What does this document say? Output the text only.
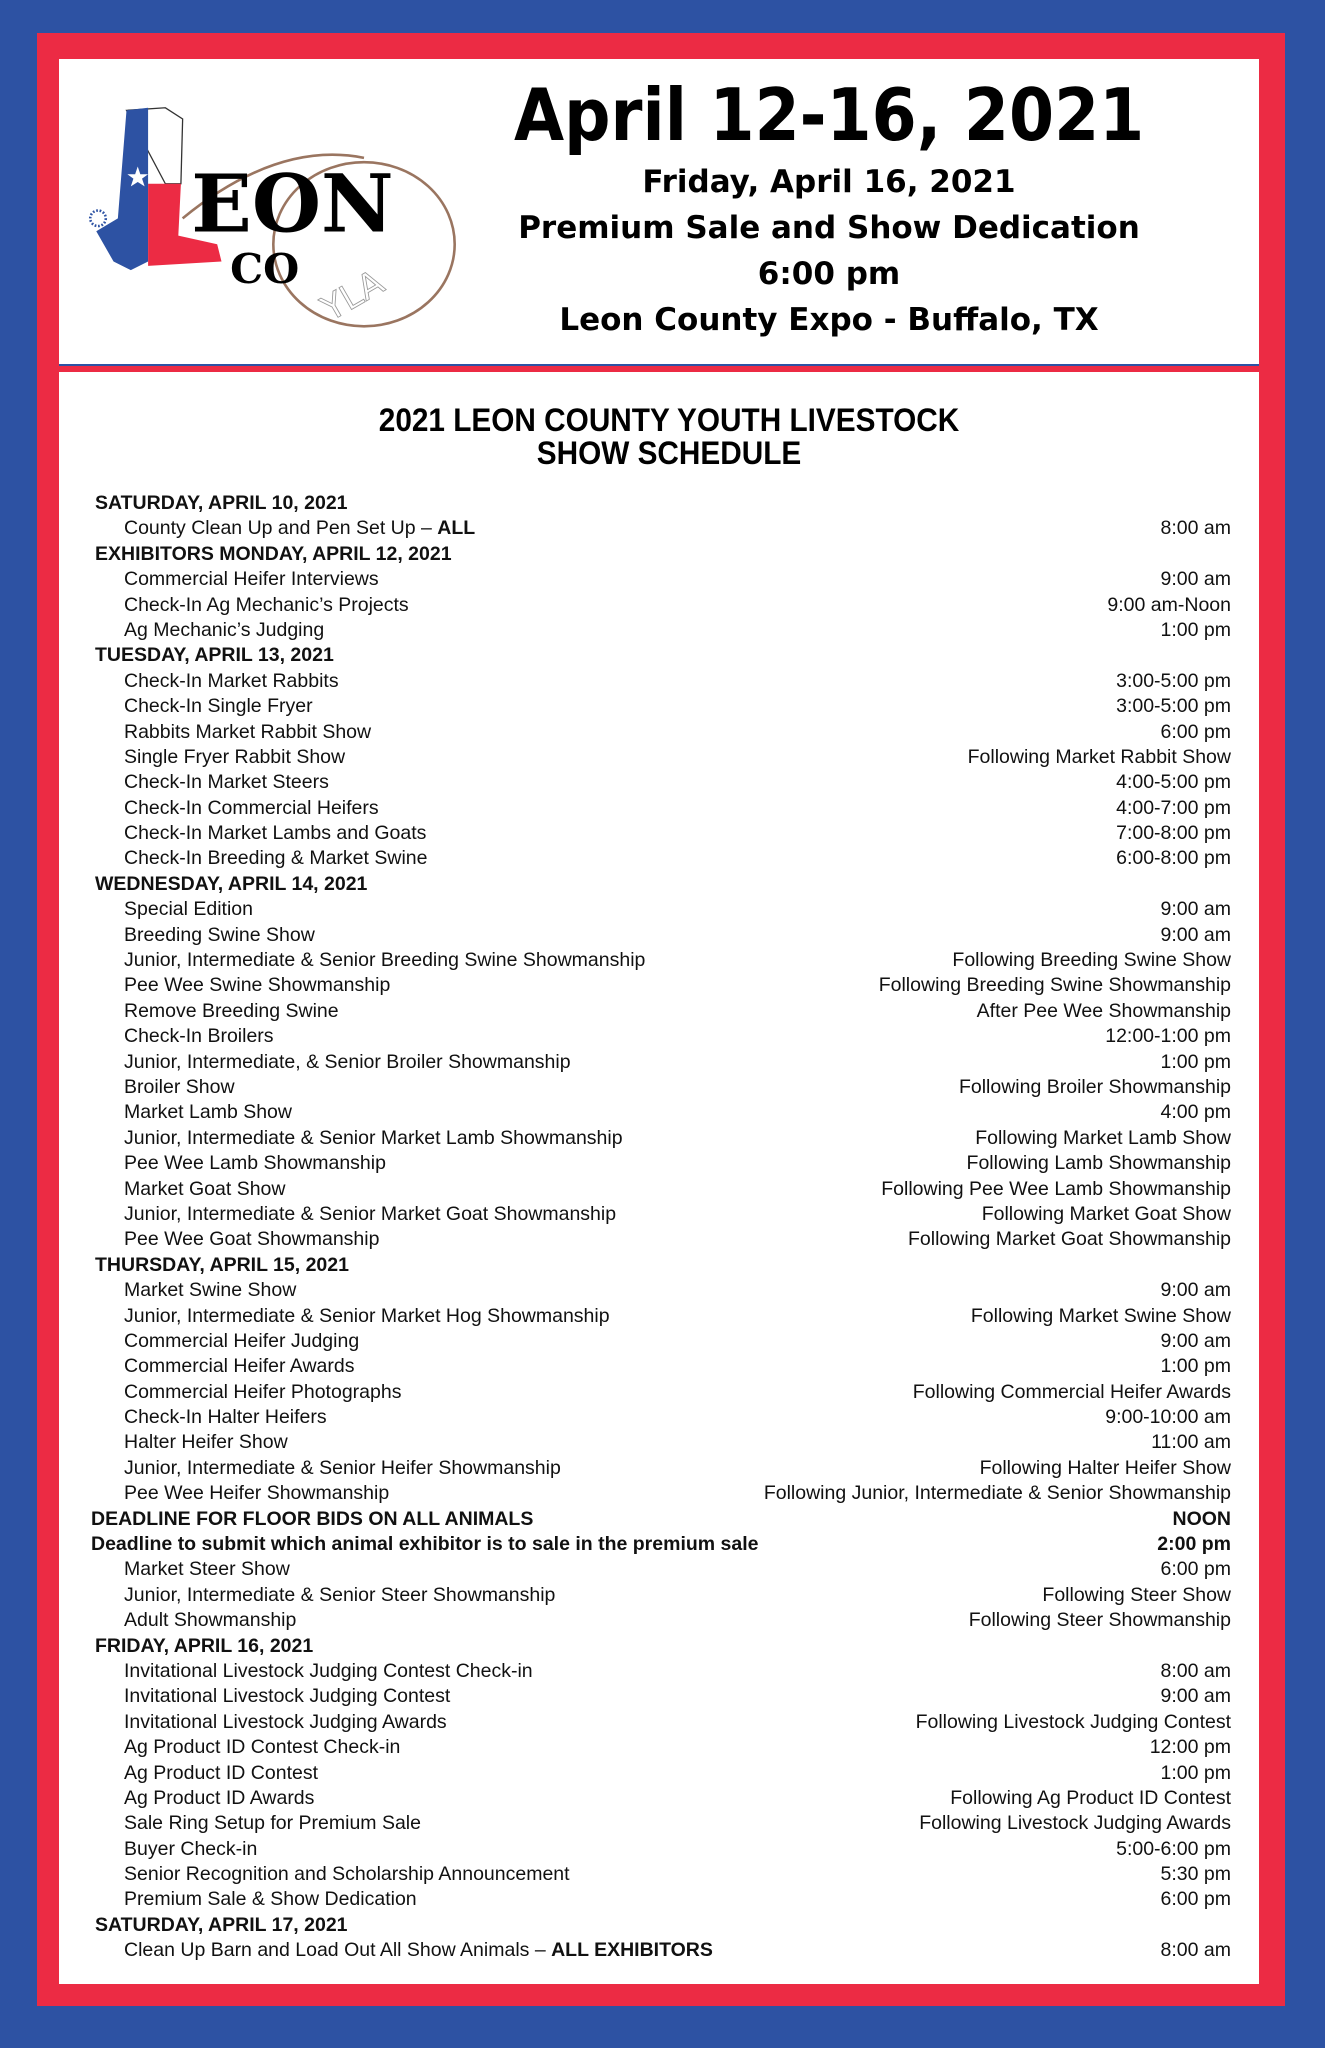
EON
CO YLA
April 12-16, 2021
Friday, April 16, 2021
Premium Sale and Show Dedication
6:00 pm
Leon County Expo - Buffalo, TX
2021 LEON COUNTY YOUTH LIVESTOCK
SHOW SCHEDULE
SATURDAY, APRIL 10, 2021
County Clean Up and Pen Set Up – ALL	8:00 am
EXHIBITORS MONDAY, APRIL 12, 2021
Commercial Heifer Interviews	9:00 am
Check-In Ag Mechanic’s Projects	9:00 am-Noon
Ag Mechanic’s Judging	1:00 pm
TUESDAY, APRIL 13, 2021
Check-In Market Rabbits	3:00-5:00 pm
Check-In Single Fryer	3:00-5:00 pm
Rabbits Market Rabbit Show	6:00 pm
Single Fryer Rabbit Show	Following Market Rabbit Show
Check-In Market Steers	4:00-5:00 pm
Check-In Commercial Heifers	4:00-7:00 pm
Check-In Market Lambs and Goats	7:00-8:00 pm
Check-In Breeding & Market Swine	6:00-8:00 pm
WEDNESDAY, APRIL 14, 2021
Special Edition	9:00 am
Breeding Swine Show	9:00 am
Junior, Intermediate & Senior Breeding Swine Showmanship	Following Breeding Swine Show
Pee Wee Swine Showmanship	Following Breeding Swine Showmanship
Remove Breeding Swine	After Pee Wee Showmanship
Check-In Broilers	12:00-1:00 pm
Junior, Intermediate, & Senior Broiler Showmanship	1:00 pm
Broiler Show	Following Broiler Showmanship
Market Lamb Show	4:00 pm
Junior, Intermediate & Senior Market Lamb Showmanship	Following Market Lamb Show
Pee Wee Lamb Showmanship	Following Lamb Showmanship
Market Goat Show	Following Pee Wee Lamb Showmanship
Junior, Intermediate & Senior Market Goat Showmanship	Following Market Goat Show
Pee Wee Goat Showmanship	Following Market Goat Showmanship
THURSDAY, APRIL 15, 2021
Market Swine Show	9:00 am
Junior, Intermediate & Senior Market Hog Showmanship	Following Market Swine Show
Commercial Heifer Judging	9:00 am
Commercial Heifer Awards	1:00 pm
Commercial Heifer Photographs	Following Commercial Heifer Awards
Check-In Halter Heifers	9:00-10:00 am
Halter Heifer Show	11:00 am
Junior, Intermediate & Senior Heifer Showmanship	Following Halter Heifer Show
Pee Wee Heifer Showmanship	Following Junior, Intermediate & Senior Showmanship
DEADLINE FOR FLOOR BIDS ON ALL ANIMALS	NOON
Deadline to submit which animal exhibitor is to sale in the premium sale	2:00 pm
Market Steer Show	6:00 pm
Junior, Intermediate & Senior Steer Showmanship	Following Steer Show
Adult Showmanship	Following Steer Showmanship
FRIDAY, APRIL 16, 2021
Invitational Livestock Judging Contest Check-in	8:00 am
Invitational Livestock Judging Contest	9:00 am
Invitational Livestock Judging Awards	Following Livestock Judging Contest
Ag Product ID Contest Check-in	12:00 pm
Ag Product ID Contest	1:00 pm
Ag Product ID Awards	Following Ag Product ID Contest
Sale Ring Setup for Premium Sale	Following Livestock Judging Awards
Buyer Check-in	5:00-6:00 pm
Senior Recognition and Scholarship Announcement	5:30 pm
Premium Sale & Show Dedication	6:00 pm
SATURDAY, APRIL 17, 2021
Clean Up Barn and Load Out All Show Animals – ALL EXHIBITORS	8:00 am
